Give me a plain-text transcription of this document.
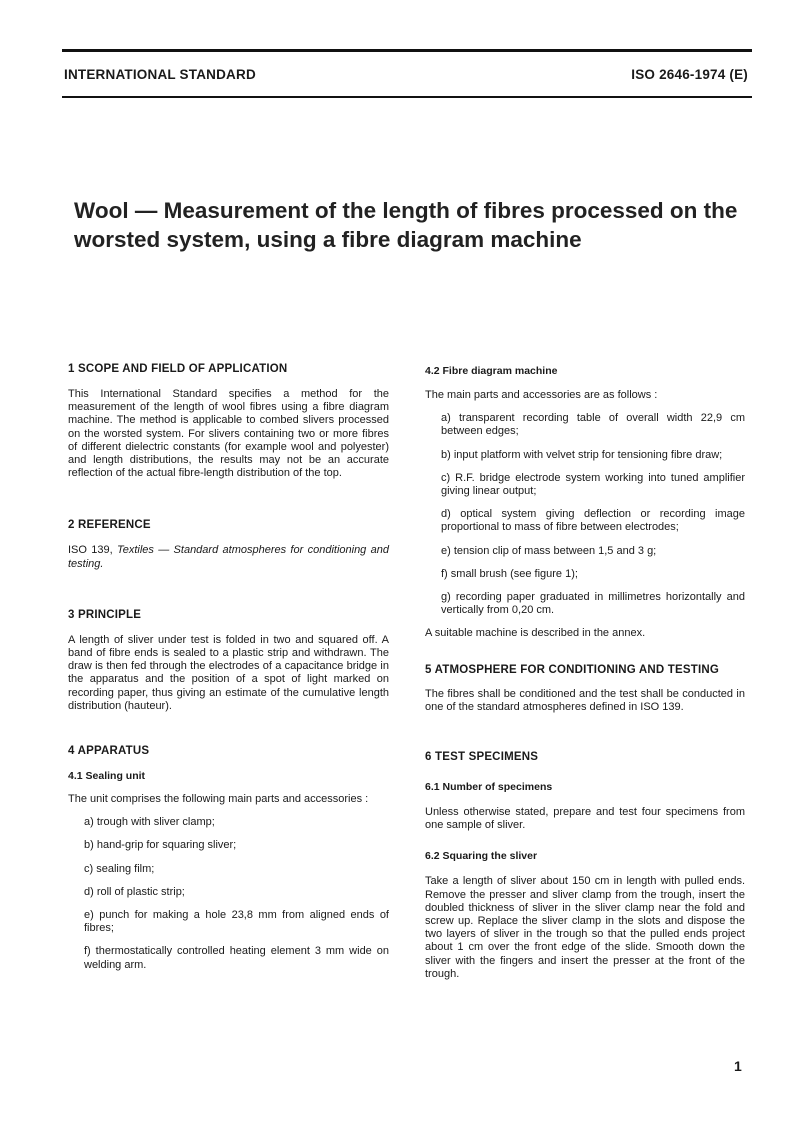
INTERNATIONAL STANDARD	ISO 2646-1974 (E)
Wool — Measurement of the length of fibres processed on the
worsted system, using a fibre diagram machine
1 SCOPE AND FIELD OF APPLICATION
This International Standard specifies a method for the measurement of the length of wool fibres using a fibre diagram machine. The method is applicable to combed slivers processed on the worsted system. For slivers containing two or more fibres of different dielectric constants (for example wool and polyester) and length distributions, the results may not be an accurate reflection of the actual fibre-length distribution of the top.
2 REFERENCE
ISO 139, Textiles — Standard atmospheres for conditioning and testing.
3 PRINCIPLE
A length of sliver under test is folded in two and squared off. A band of fibre ends is sealed to a plastic strip and withdrawn. The draw is then fed through the electrodes of a capacitance bridge in the apparatus and the position of a spot of light marked on recording paper, thus giving an estimate of the cumulative length distribution (hauteur).
4 APPARATUS
4.1 Sealing unit
The unit comprises the following main parts and accessories :
a) trough with sliver clamp;
b) hand-grip for squaring sliver;
c) sealing film;
d) roll of plastic strip;
e) punch for making a hole 23,8 mm from aligned ends of fibres;
f) thermostatically controlled heating element 3 mm wide on welding arm.
4.2 Fibre diagram machine
The main parts and accessories are as follows :
a) transparent recording table of overall width 22,9 cm between edges;
b) input platform with velvet strip for tensioning fibre draw;
c) R.F. bridge electrode system working into tuned amplifier giving linear output;
d) optical system giving deflection or recording image proportional to mass of fibre between electrodes;
e) tension clip of mass between 1,5 and 3 g;
f) small brush (see figure 1);
g) recording paper graduated in millimetres horizontally and vertically from 0,20 cm.
A suitable machine is described in the annex.
5 ATMOSPHERE FOR CONDITIONING AND TESTING
The fibres shall be conditioned and the test shall be conducted in one of the standard atmospheres defined in ISO 139.
6 TEST SPECIMENS
6.1 Number of specimens
Unless otherwise stated, prepare and test four specimens from one sample of sliver.
6.2 Squaring the sliver
Take a length of sliver about 150 cm in length with pulled ends. Remove the presser and sliver clamp from the trough, insert the doubled thickness of sliver in the sliver clamp near the fold and screw up. Replace the sliver clamp in the slots and dispose the two layers of sliver in the trough so that the pulled ends project about 1 cm over the front edge of the slide. Smooth down the sliver with the fingers and insert the presser at the front of the trough.
1
